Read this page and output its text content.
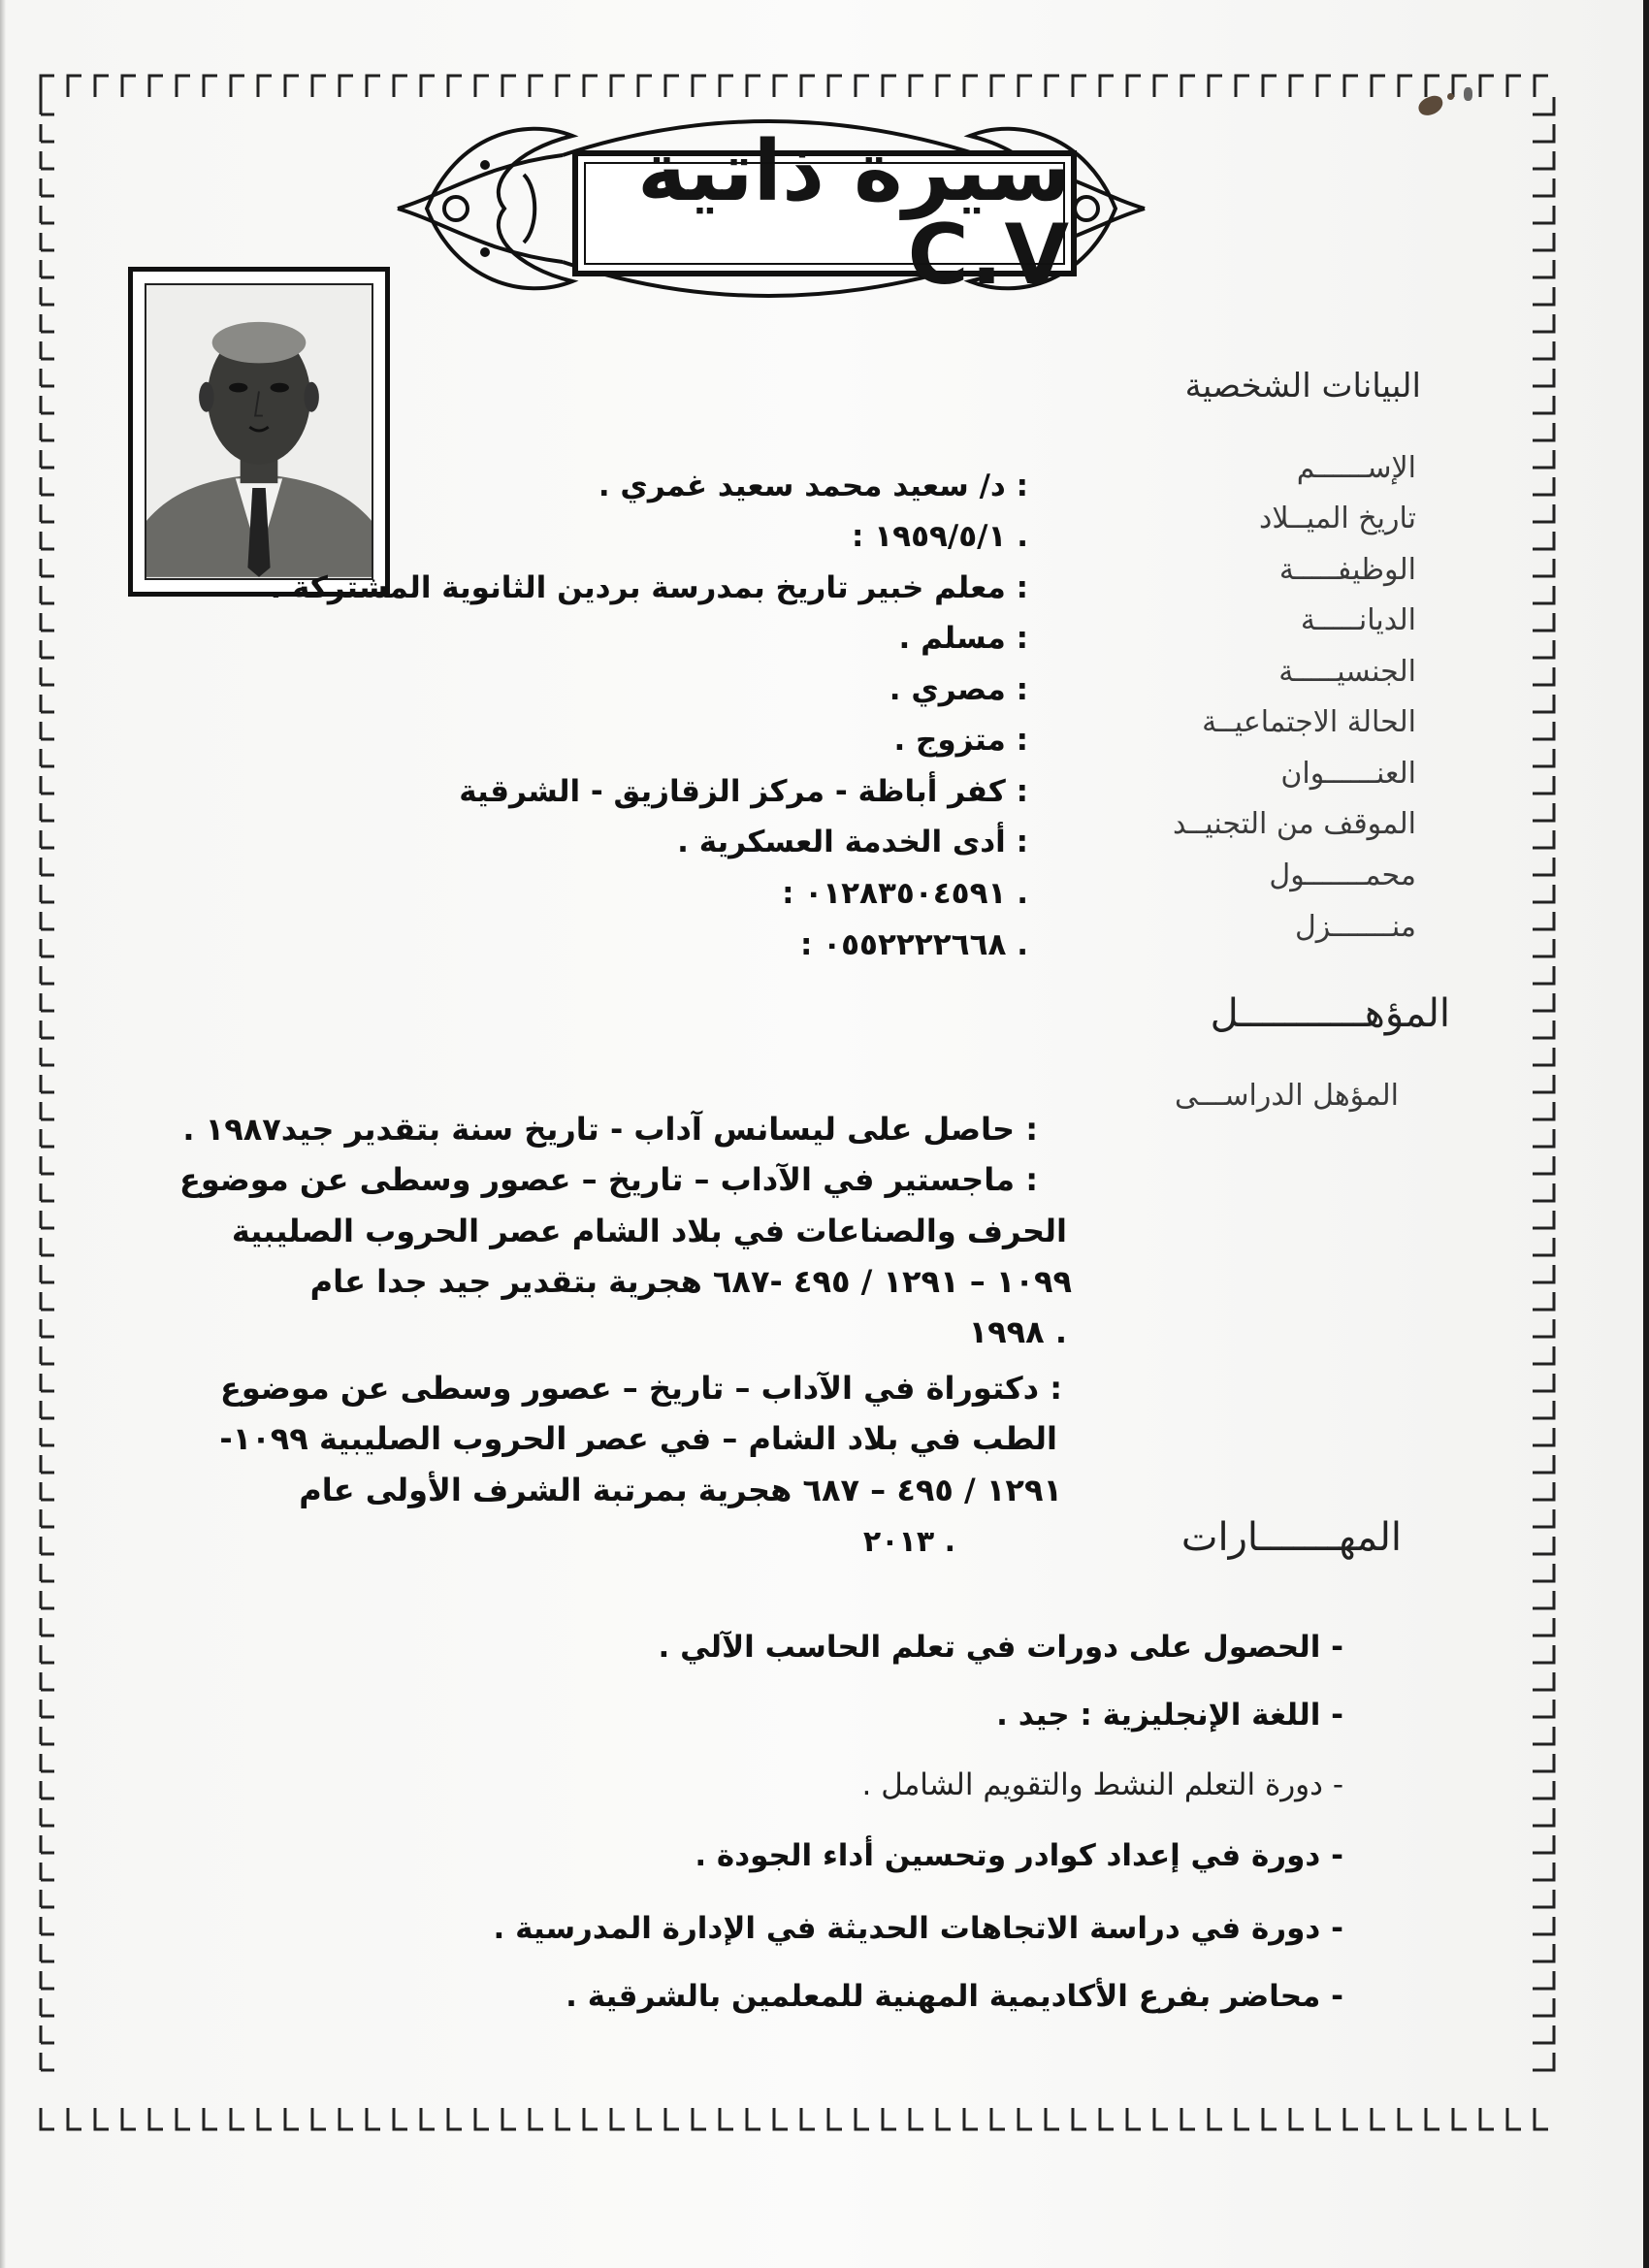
سيرة ذاتية C.V
البيانات الشخصية
الإســــــم
: د/ سعيد محمد سعيد غمري .
تاريخ الميــلاد
: ١٩٥٩/٥/١ .
الوظيفـــــة
: معلم خبير تاريخ بمدرسة بردين الثانوية المشتركة .
الديانـــــة
: مسلم .
الجنسيـــــة
: مصري .
الحالة الاجتماعيــة
: متزوج .
العنــــــوان
: كفر أباظة - مركز الزقازيق - الشرقية
الموقف من التجنيــد
: أدى الخدمة العسكرية .
محمـــــــول
: ٠١٢٨٣٥٠٤٥٩١ .
منـــــــزل
: ٠٥٥٢٢٢٢٦٦٨ .
المؤهـــــــــــل
المؤهل الدراســـى
: حاصل على ليسانس آداب - تاريخ سنة بتقدير جيد١٩٨٧ .
: ماجستير في الآداب – تاريخ – عصور وسطى عن موضوع
الحرف والصناعات في بلاد الشام عصر الحروب الصليبية
١٠٩٩ – ١٢٩١ / ٤٩٥ -٦٨٧ هجرية بتقدير جيد جدا عام
١٩٩٨ .
: دكتوراة في الآداب – تاريخ – عصور وسطى عن موضوع
الطب في بلاد الشام – في عصر الحروب الصليبية ١٠٩٩-
١٢٩١ / ٤٩٥ – ٦٨٧ هجرية بمرتبة الشرف الأولى عام
المهـــــــارات
٢٠١٣ .
- الحصول على دورات في تعلم الحاسب الآلي .
- اللغة الإنجليزية : جيد .
- دورة التعلم النشط والتقويم الشامل .
- دورة في إعداد كوادر وتحسين أداء الجودة .
- دورة في دراسة الاتجاهات الحديثة في الإدارة المدرسية .
- محاضر بفرع الأكاديمية المهنية للمعلمين بالشرقية .
